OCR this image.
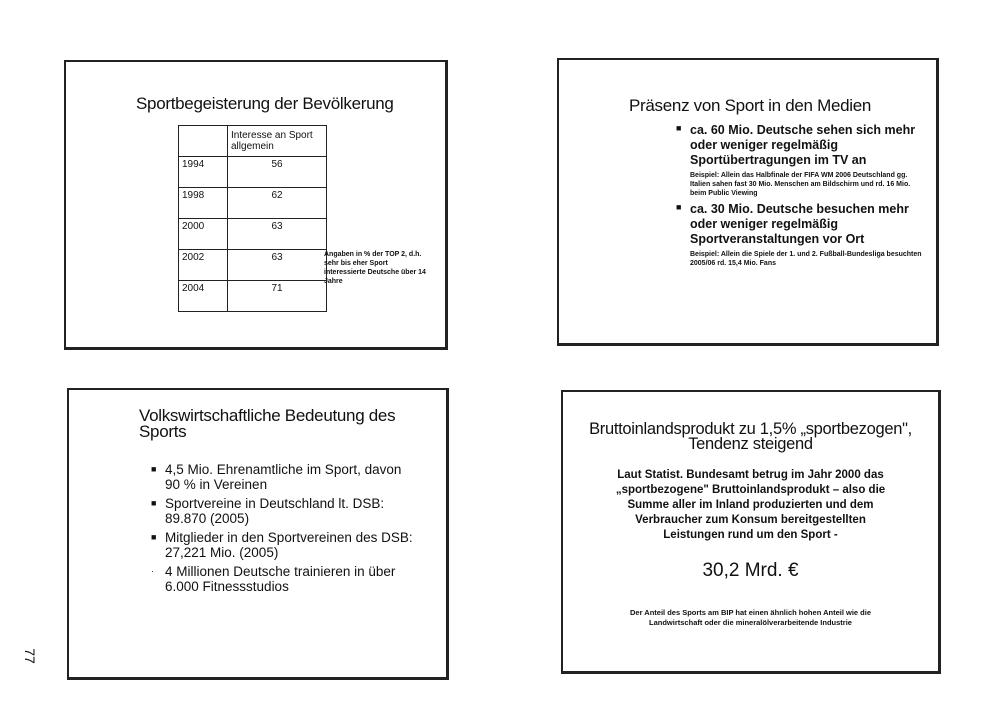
Sportbegeisterung der Bevölkerung
	Interesse an Sport allgemein
1994	56
1998	62
2000	63
2002	63
2004	71
Angaben in % der TOP 2, d.h. sehr bis eher Sport interessierte Deutsche über 14 Jahre
Präsenz von Sport in den Medien
■ ca. 60 Mio. Deutsche sehen sich mehr oder weniger regelmäßig Sportübertragungen im TV an
Beispiel: Allein das Halbfinale der FIFA WM 2006 Deutschland gg. Italien sahen fast 30 Mio. Menschen am Bildschirm und rd. 16 Mio. beim Public Viewing
■ ca. 30 Mio. Deutsche besuchen mehr oder weniger regelmäßig Sportveranstaltungen vor Ort
Beispiel: Allein die Spiele der 1. und 2. Fußball-Bundesliga besuchten 2005/06 rd. 15,4 Mio. Fans
Volkswirtschaftliche Bedeutung des Sports
■ 4,5 Mio. Ehrenamtliche im Sport, davon 90 % in Vereinen
■ Sportvereine in Deutschland lt. DSB: 89.870 (2005)
■ Mitglieder in den Sportvereinen des DSB: 27,221 Mio. (2005)
· 4 Millionen Deutsche trainieren in über 6.000 Fitnessstudios
Bruttoinlandsprodukt zu 1,5% „sportbezogen", Tendenz steigend
Laut Statist. Bundesamt betrug im Jahr 2000 das „sportbezogene" Bruttoinlandsprodukt – also die Summe aller im Inland produzierten und dem Verbraucher zum Konsum bereitgestellten Leistungen rund um den Sport -
30,2 Mrd. €
Der Anteil des Sports am BIP hat einen ähnlich hohen Anteil wie die Landwirtschaft oder die mineralölverarbeitende Industrie
77
